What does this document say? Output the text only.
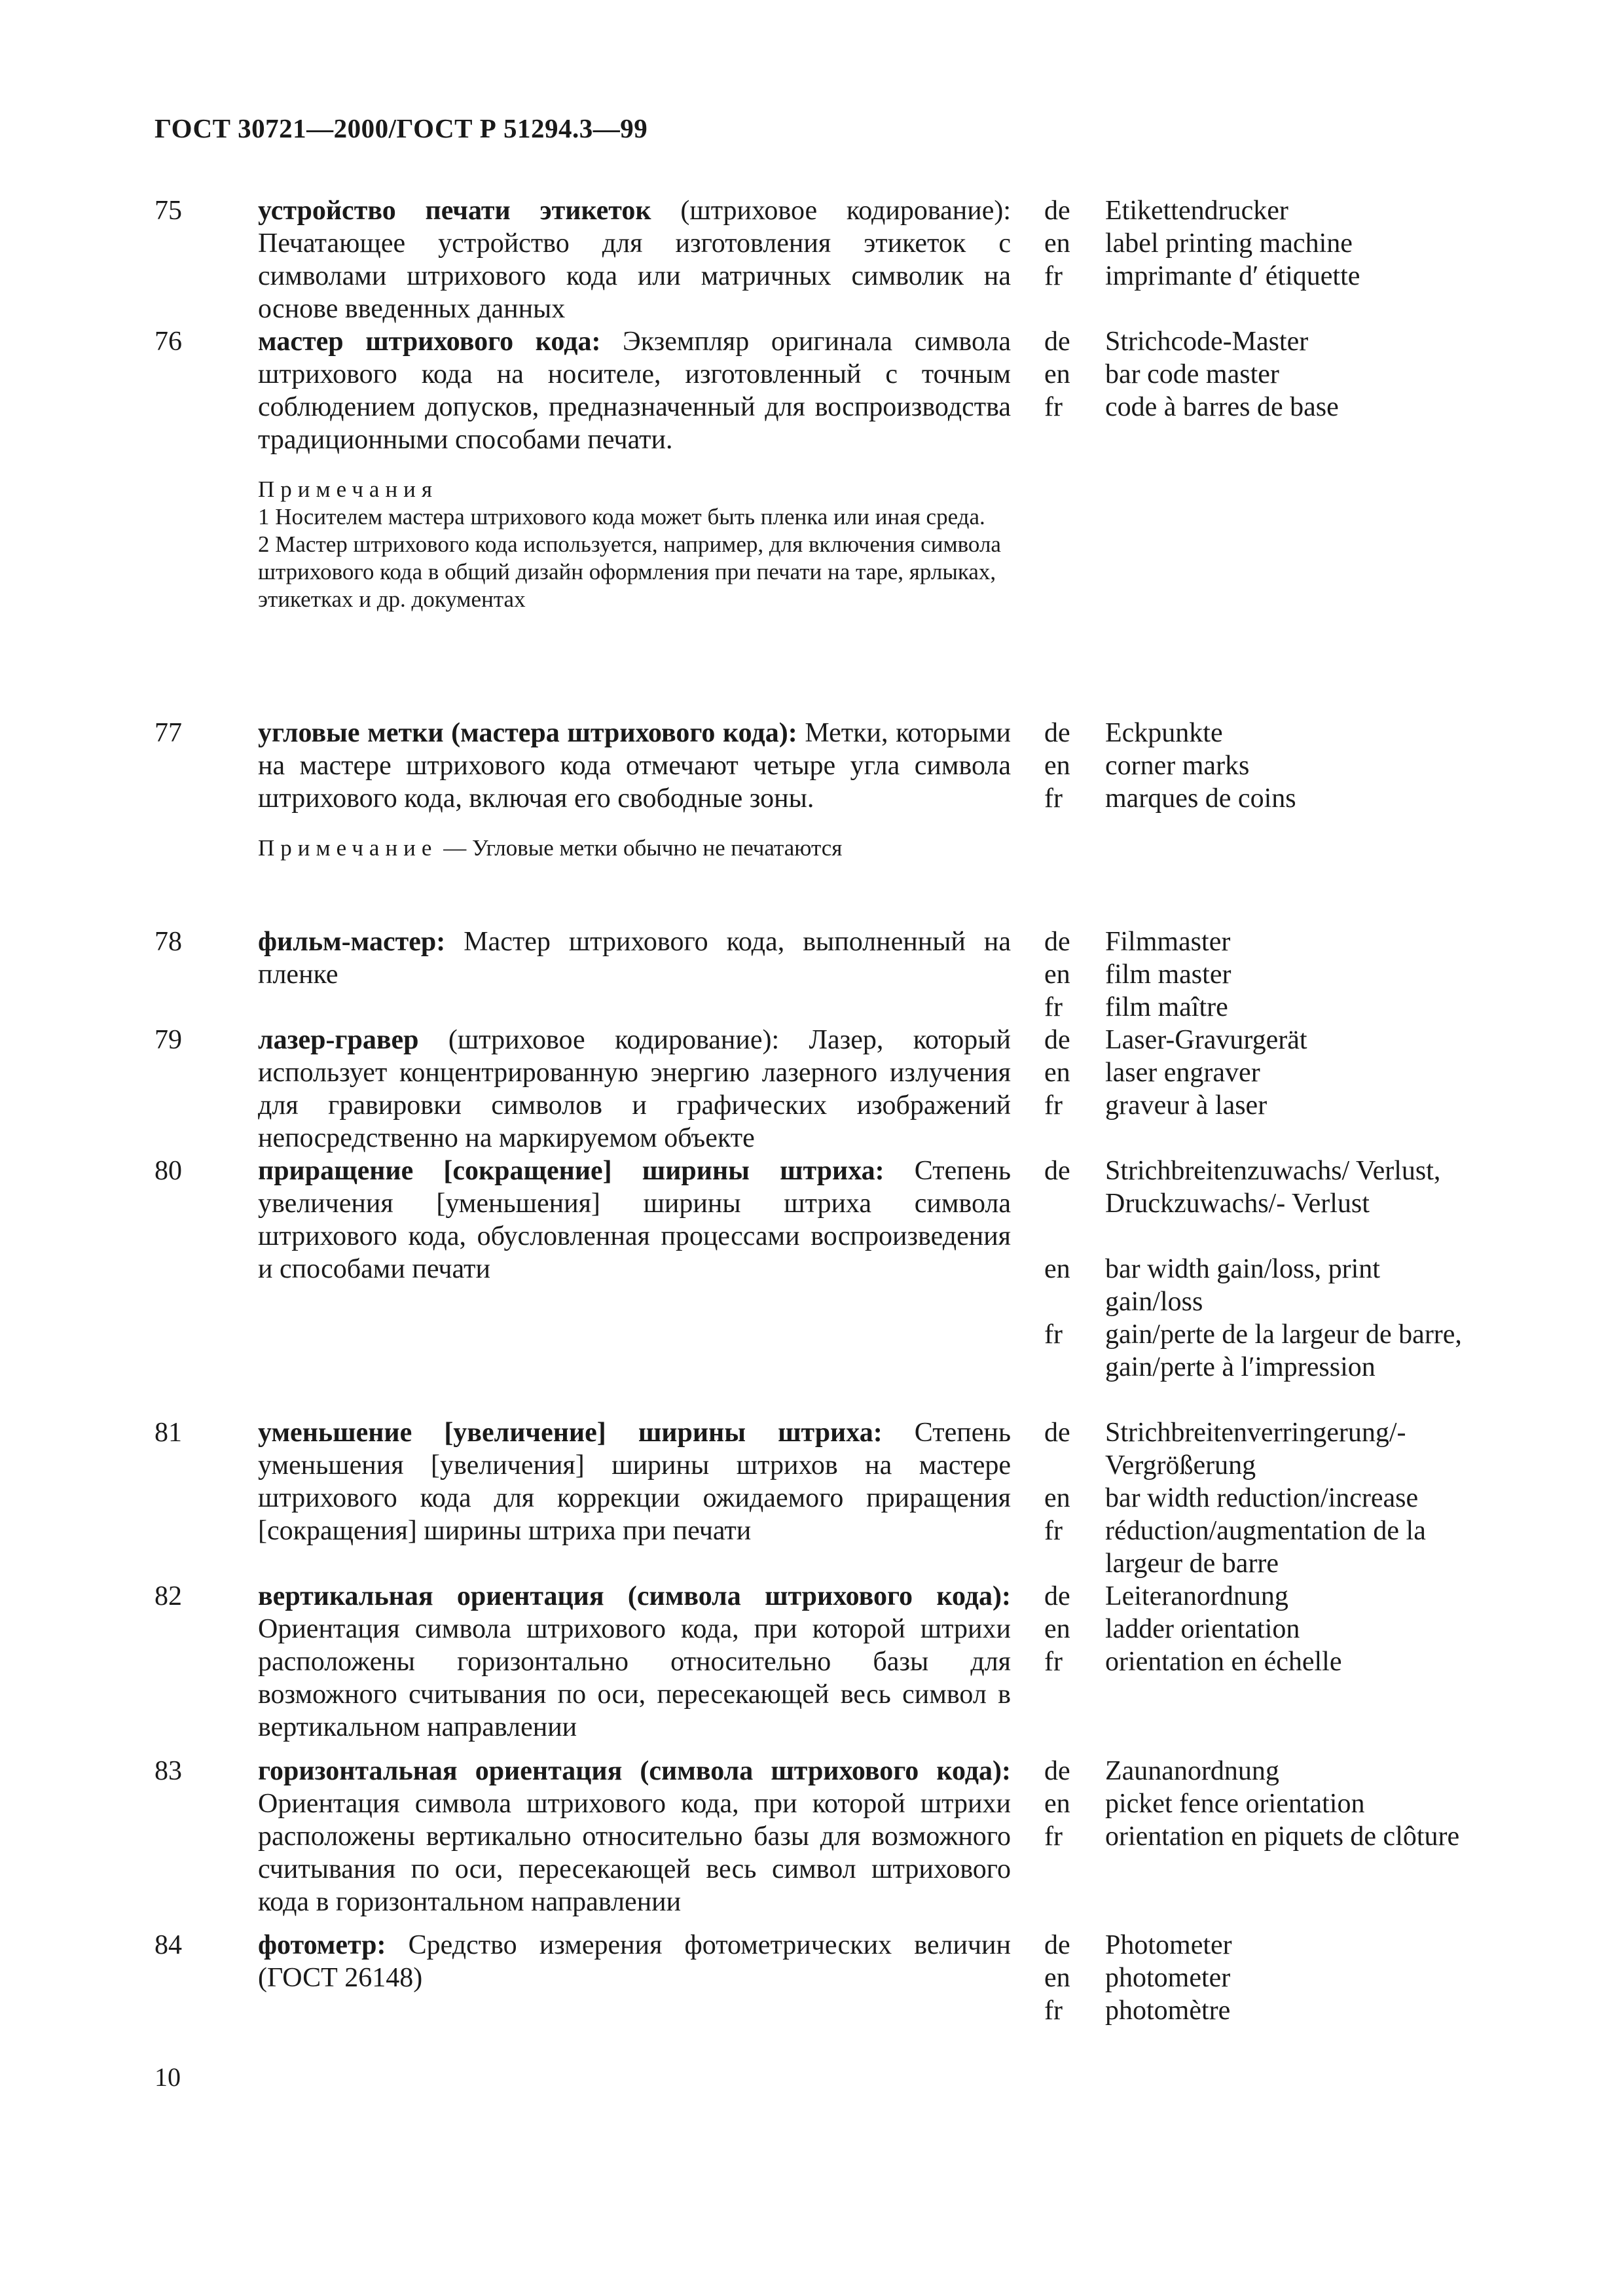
ГОСТ 30721—2000/ГОСТ Р 51294.3—99
75	устройство печати этикеток (штриховое кодирование): Печатающее устройство для изготовления этикеток с символами штрихового кода или матричных символик на основе введенных данных
de	Etikettendrucker
en	label printing machine
fr	imprimante d′ étiquette
76	мастер штрихового кода: Экземпляр оригинала символа штрихового кода на носителе, изготовленный с точным соблюдением допусков, предназначенный для воспроизводства традиционными способами печати.
Примечания
1 Носителем мастера штрихового кода может быть пленка или иная среда.
2 Мастер штрихового кода используется, например, для включения символа штрихового кода в общий дизайн оформления при печати на таре, ярлыках, этикетках и др. документах
de	Strichcode-Master
en	bar code master
fr	code à barres de base
77	угловые метки (мастера штрихового кода): Метки, которыми на мастере штрихового кода отмечают четыре угла символа штрихового кода, включая его свободные зоны.
Примечание — Угловые метки обычно не печатаются
de	Eckpunkte
en	corner marks
fr	marques de coins
78	фильм-мастер: Мастер штрихового кода, выполненный на пленке
de	Filmmaster
en	film master
fr	film maître
79	лазер-гравер (штриховое кодирование): Лазер, который использует концентрированную энергию лазерного излучения для гравировки символов и графических изображений непосредственно на маркируемом объекте
de	Laser-Gravurgerät
en	laser engraver
fr	graveur à laser
80	приращение [сокращение] ширины штриха: Степень увеличения [уменьшения] ширины штриха символа штрихового кода, обусловленная процессами воспроизведения и способами печати
de	Strichbreitenzuwachs/ Verlust, Druckzuwachs/- Verlust
en	bar width gain/loss, print gain/loss
fr	gain/perte de la largeur de barre, gain/perte à l′impression
81	уменьшение [увеличение] ширины штриха: Степень уменьшения [увеличения] ширины штрихов на мастере штрихового кода для коррекции ожидаемого приращения [сокращения] ширины штриха при печати
de	Strichbreitenverringerung/- Vergrößerung
en	bar width reduction/increase
fr	réduction/augmentation de la largeur de barre
82	вертикальная ориентация (символа штрихового кода): Ориентация символа штрихового кода, при которой штрихи расположены горизонтально относительно базы для возможного считывания по оси, пересекающей весь символ в вертикальном направлении
de	Leiteranordnung
en	ladder orientation
fr	orientation en échelle
83	горизонтальная ориентация (символа штрихового кода): Ориентация символа штрихового кода, при которой штрихи расположены вертикально относительно базы для возможного считывания по оси, пересекающей весь символ штрихового кода в горизонтальном направлении
de	Zaunanordnung
en	picket fence orientation
fr	orientation en piquets de clôture
84	фотометр: Средство измерения фотометрических величин (ГОСТ 26148)
de	Photometer
en	photometer
fr	photomètre
10
